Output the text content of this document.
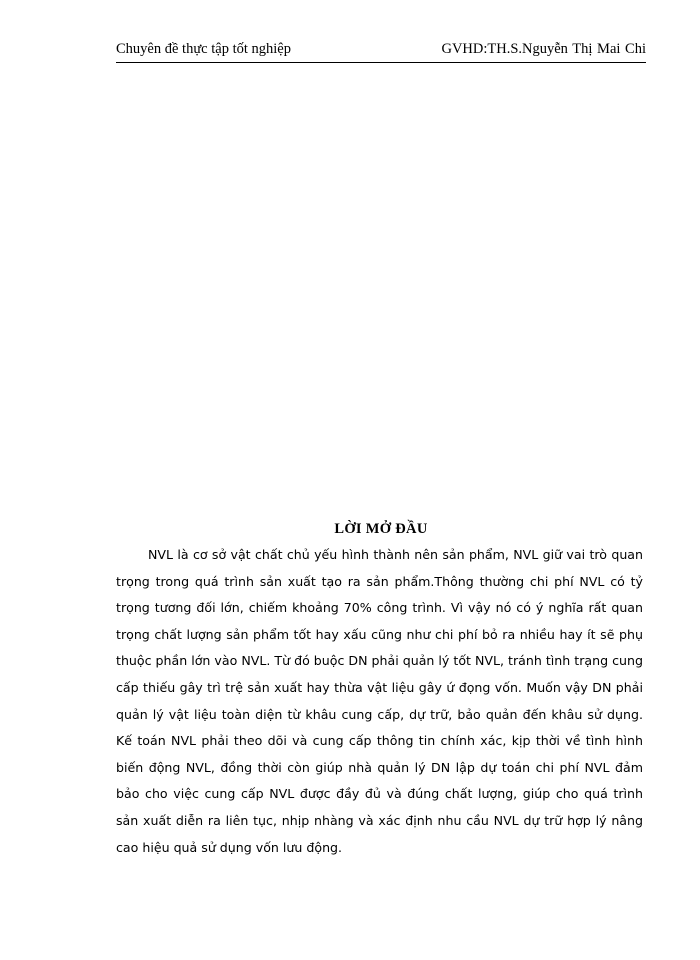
Chuyên đề thực tập tốt nghiệp	GVHD:TH.S.Nguyễn Thị Mai Chi
LỜI MỞ ĐẦU

NVL là cơ sở vật chất chủ yếu hình thành nên sản phẩm, NVL giữ vai trò quan trọng trong quá trình sản xuất tạo ra sản phẩm.Thông thường chi phí NVL có tỷ trọng tương đối lớn, chiếm khoảng 70% công trình. Vì vậy nó có ý nghĩa rất quan trọng chất lượng sản phẩm tốt hay xấu cũng như chi phí bỏ ra nhiều hay ít sẽ phụ thuộc phần lớn vào NVL. Từ đó buộc DN phải quản lý tốt NVL, tránh tình trạng cung cấp thiếu gây trì trệ sản xuất hay thừa vật liệu gây ứ đọng vốn. Muốn vậy DN phải quản lý vật liệu toàn diện từ khâu cung cấp, dự trữ, bảo quản đến khâu sử dụng. Kế toán NVL phải theo dõi và cung cấp thông tin chính xác, kịp thời về tình hình biến động NVL, đồng thời còn giúp nhà quản lý DN lập dự toán chi phí NVL đảm bảo cho việc cung cấp NVL được đầy đủ và đúng chất lượng, giúp cho quá trình sản xuất diễn ra liên tục, nhịp nhàng và xác định nhu cầu NVL dự trữ hợp lý nâng cao hiệu quả sử dụng vốn lưu động.
